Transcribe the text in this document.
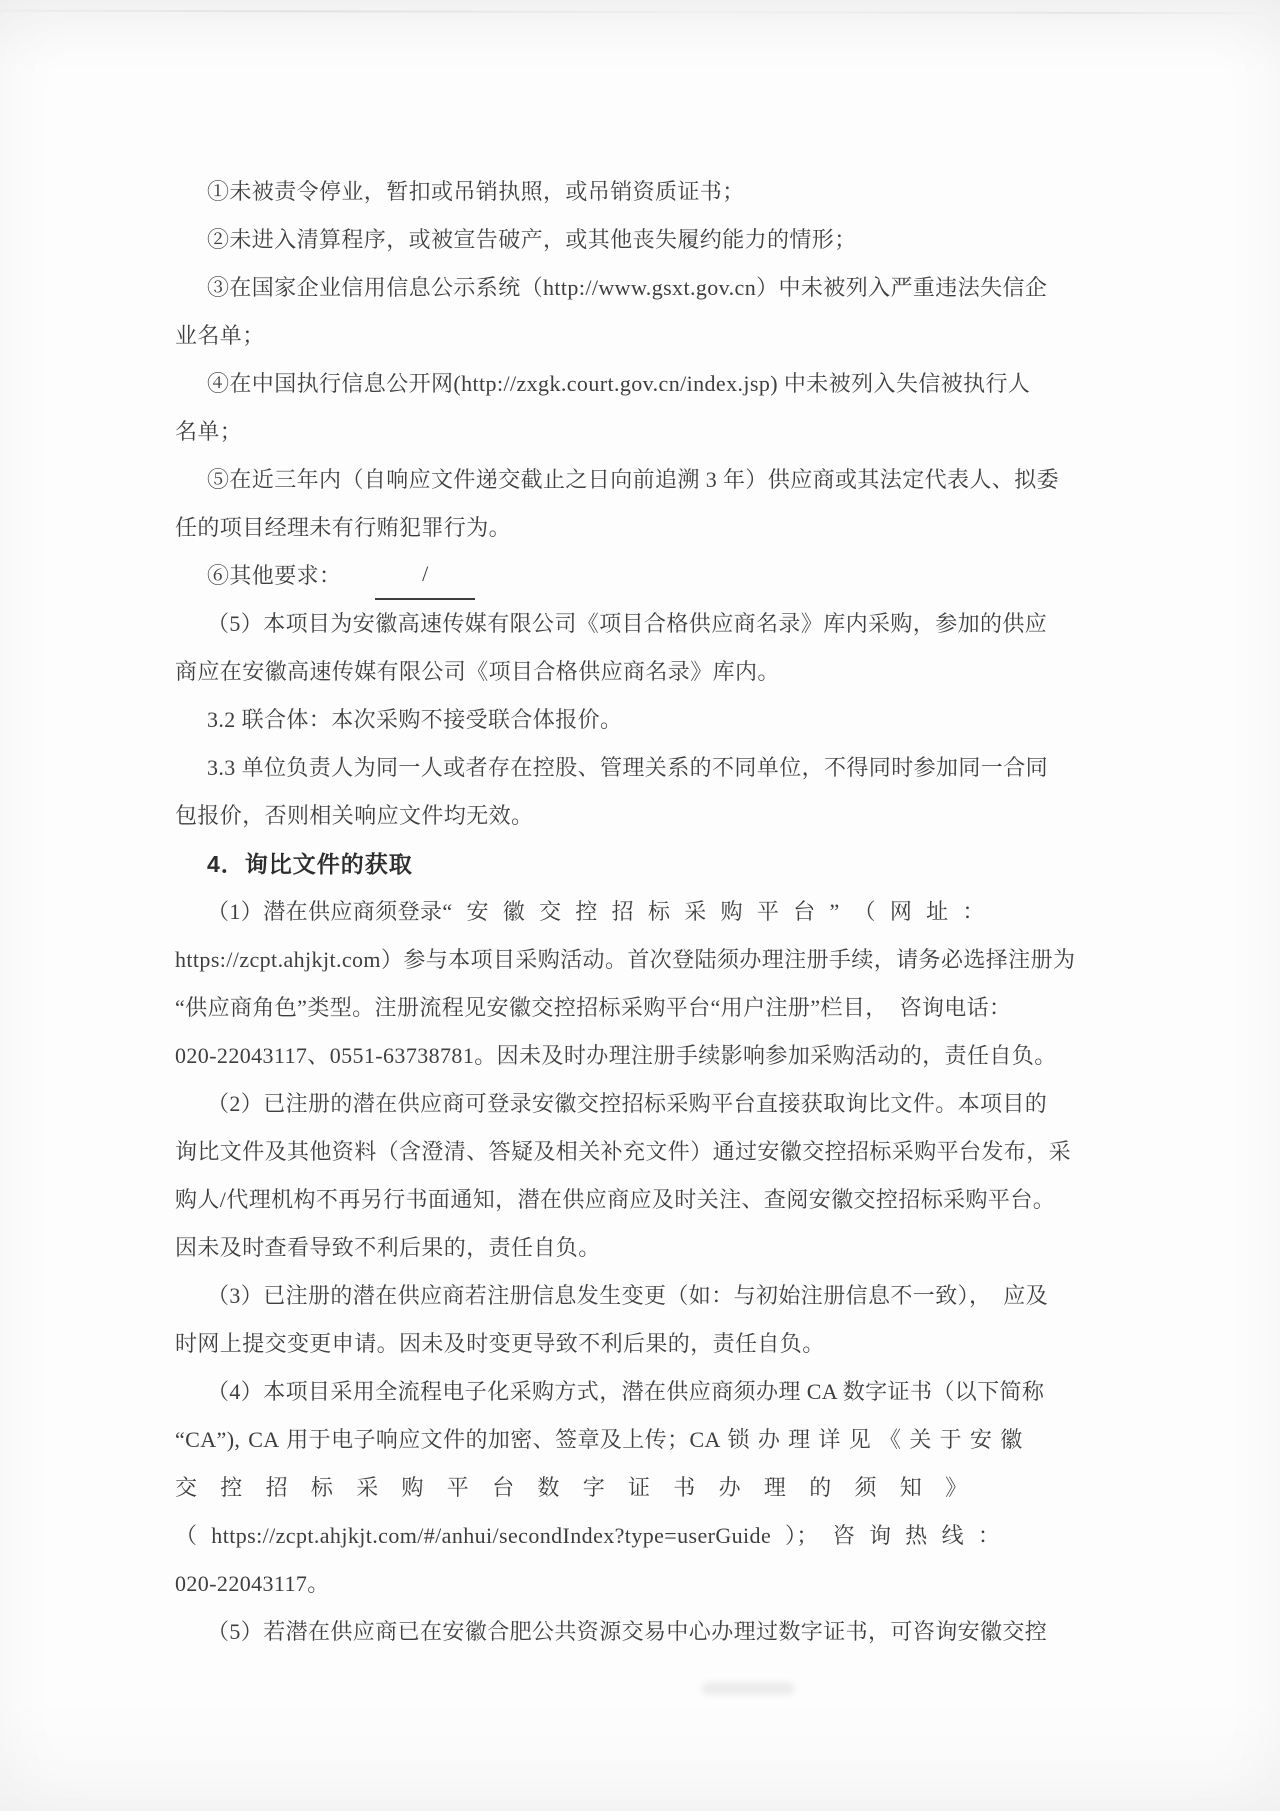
①未被责令停业，暂扣或吊销执照，或吊销资质证书；
②未进入清算程序，或被宣告破产，或其他丧失履约能力的情形；
③在国家企业信用信息公示系统（http://www.gsxt.gov.cn）中未被列入严重违法失信企
业名单；
④在中国执行信息公开网(http://zxgk.court.gov.cn/index.jsp) 中未被列入失信被执行人
名单；
⑤在近三年内（自响应文件递交截止之日向前追溯 3 年）供应商或其法定代表人、拟委
任的项目经理未有行贿犯罪行为。
⑥其他要求：	/
（5）本项目为安徽高速传媒有限公司《项目合格供应商名录》库内采购，参加的供应
商应在安徽高速传媒有限公司《项目合格供应商名录》库内。
3.2 联合体：本次采购不接受联合体报价。
3.3 单位负责人为同一人或者存在控股、管理关系的不同单位，不得同时参加同一合同
包报价，否则相关响应文件均无效。
4．询比文件的获取
（1）潜在供应商须登录“ 安 徽 交 控 招 标 采 购 平 台 ” （ 网 址 ：
https://zcpt.ahjkjt.com）参与本项目采购活动。首次登陆须办理注册手续，请务必选择注册为
“供应商角色”类型。注册流程见安徽交控招标采购平台“用户注册”栏目，  咨询电话：
020-22043117、0551-63738781。因未及时办理注册手续影响参加采购活动的，责任自负。
（2）已注册的潜在供应商可登录安徽交控招标采购平台直接获取询比文件。本项目的
询比文件及其他资料（含澄清、答疑及相关补充文件）通过安徽交控招标采购平台发布，采
购人/代理机构不再另行书面通知，潜在供应商应及时关注、查阅安徽交控招标采购平台。
因未及时查看导致不利后果的，责任自负。
（3）已注册的潜在供应商若注册信息发生变更（如：与初始注册信息不一致），  应及
时网上提交变更申请。因未及时变更导致不利后果的，责任自负。
（4）本项目采用全流程电子化采购方式，潜在供应商须办理 CA 数字证书（以下简称
“CA”), CA 用于电子响应文件的加密、签章及上传；CA 锁 办 理 详 见 《 关 于 安 徽
交 控 招 标 采 购 平 台 数 字 证 书 办 理 的 须 知 》
（ https://zcpt.ahjkjt.com/#/anhui/secondIndex?type=userGuide ）； 咨 询 热 线 ：
020-22043117。
（5）若潜在供应商已在安徽合肥公共资源交易中心办理过数字证书，可咨询安徽交控
